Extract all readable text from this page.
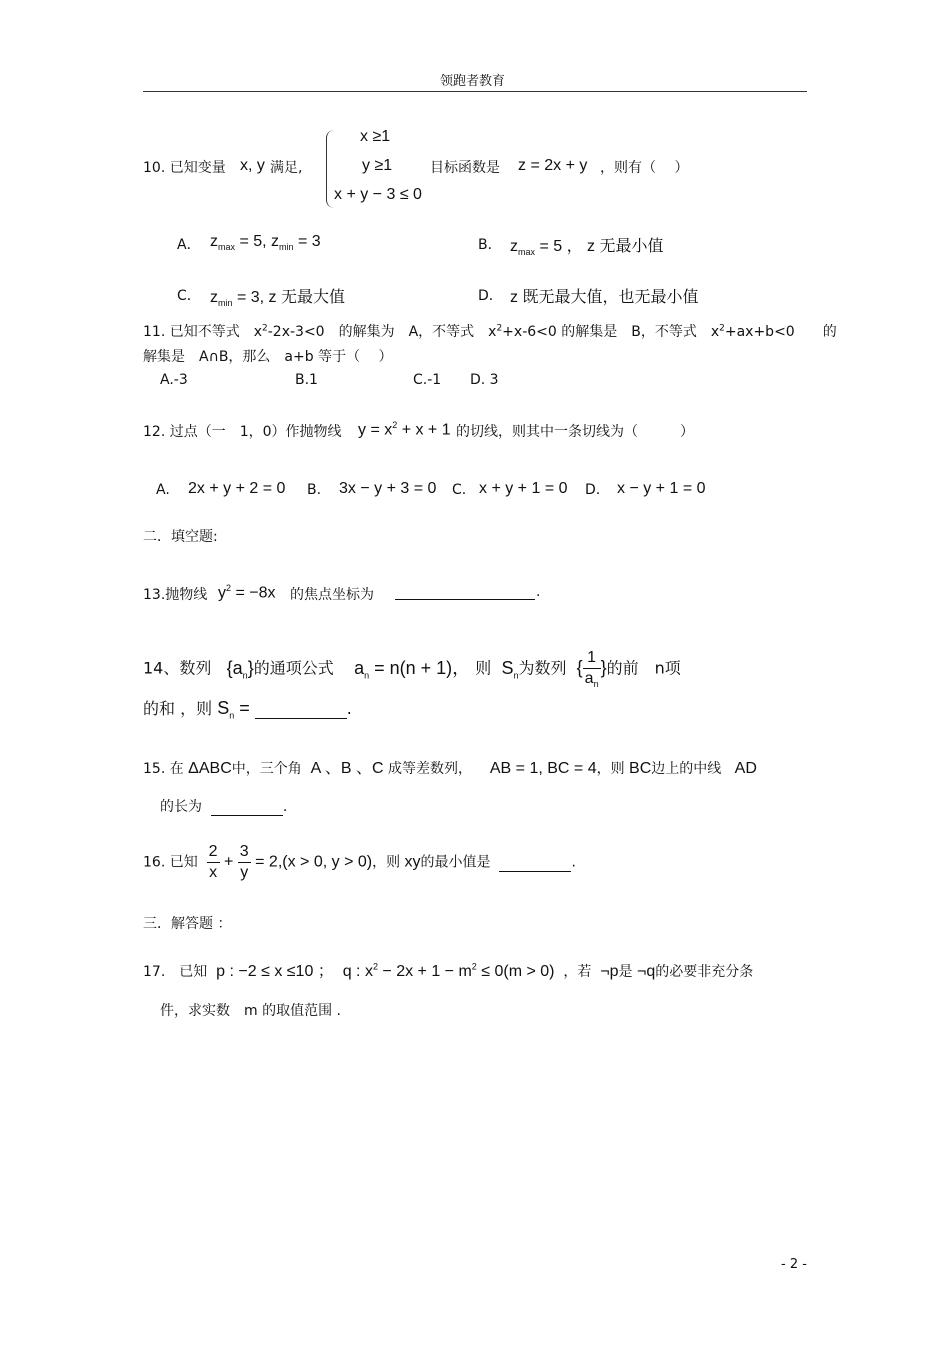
领跑者教育
10. 已知变量 x, y 满足,
x ≥1
y ≥1
x + y − 3 ≤ 0
目标函数是 z = 2x + y ，则有（　 ）
A． $z_{max} = 5$, $z_{min} = 3$	B． $z_{max} = 5$ ， z 无最小值
C． $z_{min} = 3$, z 无最大值	D． z 既无最大值，也无最小值
11. 已知不等式　$x^2-2x-3<0$　的解集为　A，不等式　$x^2+x-6<0$ 的解集是　B，不等式　$x^2+ax+b<0$　　的
解集是　A∩B，那么　a+b 等于（　 ）
A.-3	B.1	C.-1 D. 3
12. 过点（一　1，0）作抛物线 $y = x^2 + x + 1$ 的切线，则其中一条切线为（　　　）
A. 2x + y + 2 = 0 B. 3x − y + 3 = 0 C. x + y + 1 = 0 D. x − y + 1 = 0
二．填空题:
13.抛物线 $y^2 = -8x$ 的焦点坐标为	.
14、数列 $\{a_n\}$的通项公式 $a_n = n(n + 1)$， 则 $S_n$为数列 { $\frac{1}{a_n}$ }的前　n项
的和 ，则 $S_n$ =	.
15. 在 ΔABC中，三个角 A 、B 、C 成等差数列， AB = 1, BC = 4，则 BC边上的中线 AD
的长为	.
16. 已知 $\frac{2}{x} + \frac{3}{y} = 2,(x > 0$, y > 0)，则 xy的最小值是	.
三．解答题 ：
17.　已知 p : −2 ≤ x ≤10 ； q : $x^2 - 2x + 1 - m^2 \le 0(m > 0)$ ，若 ¬p是 ¬q的必要非充分条
件，求实数　m 的取值范围 .
- 2 -
